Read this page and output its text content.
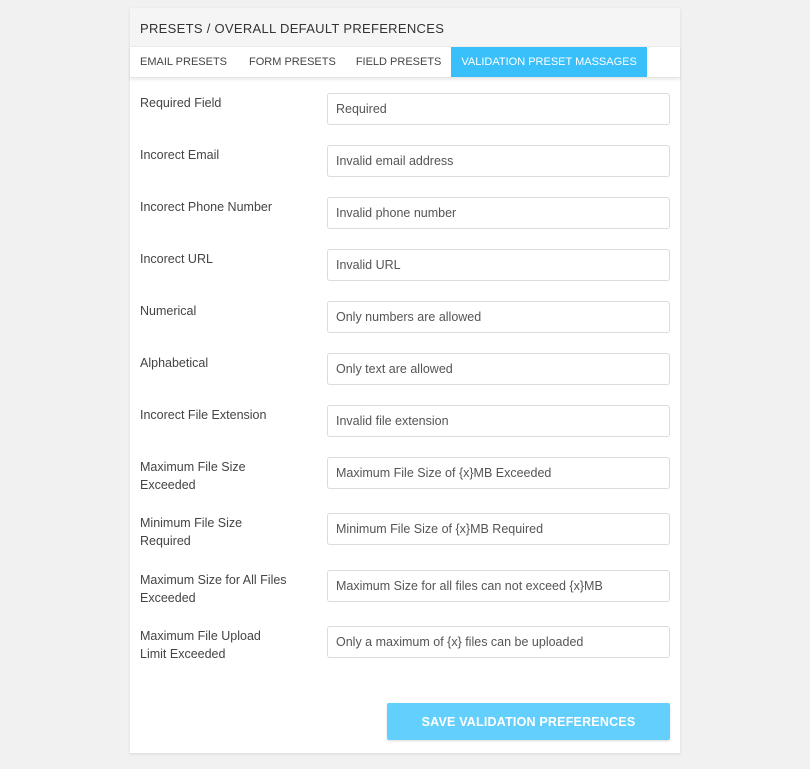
PRESETS / OVERALL DEFAULT PREFERENCES
EMAIL PRESETS FORM PRESETS FIELD PRESETS VALIDATION PRESET MASSAGES
Required Field
Required
Incorect Email
Invalid email address
Incorect Phone Number
Invalid phone number
Incorect URL
Invalid URL
Numerical
Only numbers are allowed
Alphabetical
Only text are allowed
Incorect File Extension
Invalid file extension
Maximum File Size
Exceeded
Maximum File Size of {x}MB Exceeded
Minimum File Size
Required
Minimum File Size of {x}MB Required
Maximum Size for All Files
Exceeded
Maximum Size for all files can not exceed {x}MB
Maximum File Upload
Limit Exceeded
Only a maximum of {x} files can be uploaded
SAVE VALIDATION PREFERENCES
